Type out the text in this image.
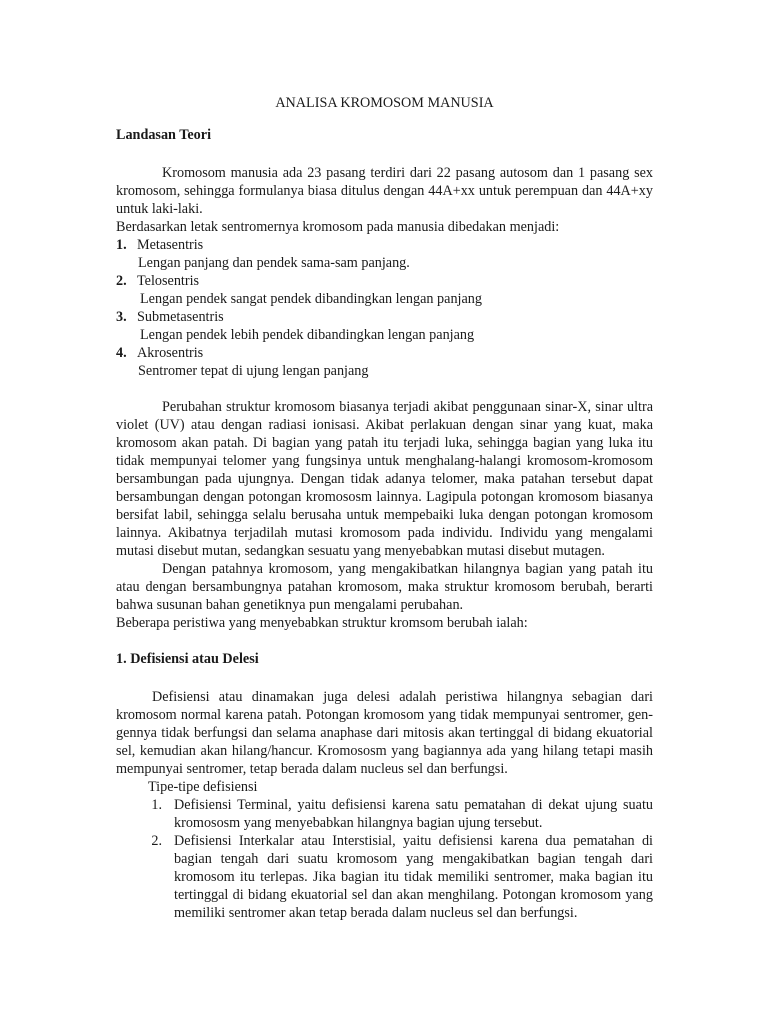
ANALISA KROMOSOM MANUSIA
Landasan Teori

Kromosom manusia ada 23 pasang terdiri dari 22 pasang autosom dan 1 pasang sex kromosom, sehingga formulanya biasa ditulus dengan 44A+xx untuk perempuan dan 44A+xy untuk laki-laki.

Berdasarkan letak sentromernya kromosom pada manusia dibedakan menjadi:

1. Metasentris
Lengan panjang dan pendek sama-sam panjang.
2. Telosentris
Lengan pendek sangat pendek dibandingkan lengan panjang
3. Submetasentris
Lengan pendek lebih pendek dibandingkan lengan panjang
4. Akrosentris
Sentromer tepat di ujung lengan panjang

Perubahan struktur kromosom biasanya terjadi akibat penggunaan sinar-X, sinar ultra violet (UV) atau dengan radiasi ionisasi. Akibat perlakuan dengan sinar yang kuat, maka kromosom akan patah. Di bagian yang patah itu terjadi luka, sehingga bagian yang luka itu tidak mempunyai telomer yang fungsinya untuk menghalang-halangi kromosom-kromosom bersambungan pada ujungnya. Dengan tidak adanya telomer, maka patahan tersebut dapat bersambungan dengan potongan kromososm lainnya. Lagipula potongan kromosom biasanya bersifat labil, sehingga selalu berusaha untuk mempebaiki luka dengan potongan kromosom lainnya. Akibatnya terjadilah mutasi kromosom pada individu. Individu yang mengalami mutasi disebut mutan, sedangkan sesuatu yang menyebabkan mutasi disebut mutagen.

Dengan patahnya kromosom, yang mengakibatkan hilangnya bagian yang patah itu atau dengan bersambungnya patahan kromosom, maka struktur kromosom berubah, berarti bahwa susunan bahan genetiknya pun mengalami perubahan.

Beberapa peristiwa yang menyebabkan struktur kromsom berubah ialah:

1. Defisiensi atau Delesi

Defisiensi atau dinamakan juga delesi adalah peristiwa hilangnya sebagian dari kromosom normal karena patah. Potongan kromosom yang tidak mempunyai sentromer, gen-gennya tidak berfungsi dan selama anaphase dari mitosis akan tertinggal di bidang ekuatorial sel, kemudian akan hilang/hancur. Kromososm yang bagiannya ada yang hilang tetapi masih mempunyai sentromer, tetap berada dalam nucleus sel dan berfungsi.

Tipe-tipe defisiensi
1. Defisiensi Terminal, yaitu defisiensi karena satu pematahan di dekat ujung suatu kromososm yang menyebabkan hilangnya bagian ujung tersebut.
2. Defisiensi Interkalar atau Interstisial, yaitu defisiensi karena dua pematahan di bagian tengah dari suatu kromosom yang mengakibatkan bagian tengah dari kromosom itu terlepas. Jika bagian itu tidak memiliki sentromer, maka bagian itu tertinggal di bidang ekuatorial sel dan akan menghilang. Potongan kromosom yang memiliki sentromer akan tetap berada dalam nucleus sel dan berfungsi.
